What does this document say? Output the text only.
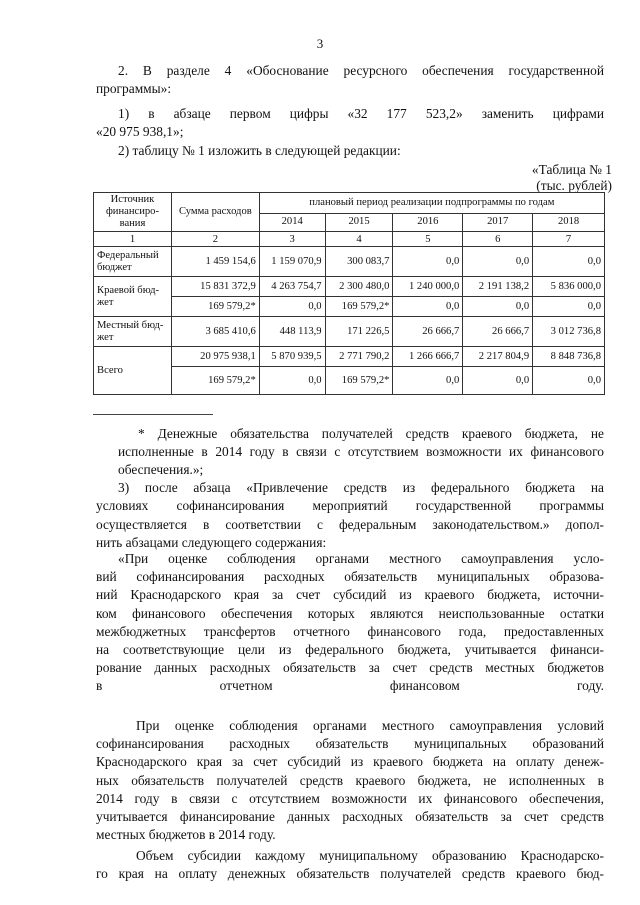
3
2. В разделе 4 «Обоснование ресурсного обеспечения государственной
программы»:
1) в абзаце первом цифры «32 177 523,2» заменить цифрами
«20 975 938,1»;
2) таблицу № 1 изложить в следующей редакции:
«Таблица № 1
(тыс. рублей)
Источник финансиро- вания	Сумма расходов	плановый период реализации подпрограммы по годам				
		2014	2015	2016	2017	2018
1	2	3	4	5	6	7
Федеральный бюджет	1 459 154,6	1 159 070,9	300 083,7	0,0	0,0	0,0
Краевой бюд- жет	15 831 372,9	4 263 754,7	2 300 480,0	1 240 000,0	2 191 138,2	5 836 000,0
	169 579,2*	0,0	169 579,2*	0,0	0,0	0,0
Местный бюд- жет	3 685 410,6	448 113,9	171 226,5	26 666,7	26 666,7	3 012 736,8
Всего	20 975 938,1	5 870 939,5	2 771 790,2	1 266 666,7	2 217 804,9	8 848 736,8
	169 579,2*	0,0	169 579,2*	0,0	0,0	0,0
* Денежные обязательства получателей средств краевого бюджета, не
исполненные в 2014 году в связи с отсутствием возможности их финансового
обеспечения.»;
3) после абзаца «Привлечение средств из федерального бюджета на
условиях софинансирования мероприятий государственной программы
осуществляется в соответствии с федеральным законодательством.» допол-
нить абзацами следующего содержания:
«При оценке соблюдения органами местного самоуправления усло-
вий софинансирования расходных обязательств муниципальных образова-
ний Краснодарского края за счет субсидий из краевого бюджета, источни-
ком финансового обеспечения которых являются неиспользованные остатки
межбюджетных трансфертов отчетного финансового года, предоставленных
на соответствующие цели из федерального бюджета, учитывается финанси-
рование данных расходных обязательств за счет средств местных бюджетов
в отчетном финансовом году.
При оценке соблюдения органами местного самоуправления условий
софинансирования расходных обязательств муниципальных образований
Краснодарского края за счет субсидий из краевого бюджета на оплату денеж-
ных обязательств получателей средств краевого бюджета, не исполненных в
2014 году в связи с отсутствием возможности их финансового обеспечения,
учитывается финансирование данных расходных обязательств за счет средств
местных бюджетов в 2014 году.
Объем субсидии каждому муниципальному образованию Краснодарско-
го края на оплату денежных обязательств получателей средств краевого бюд-
